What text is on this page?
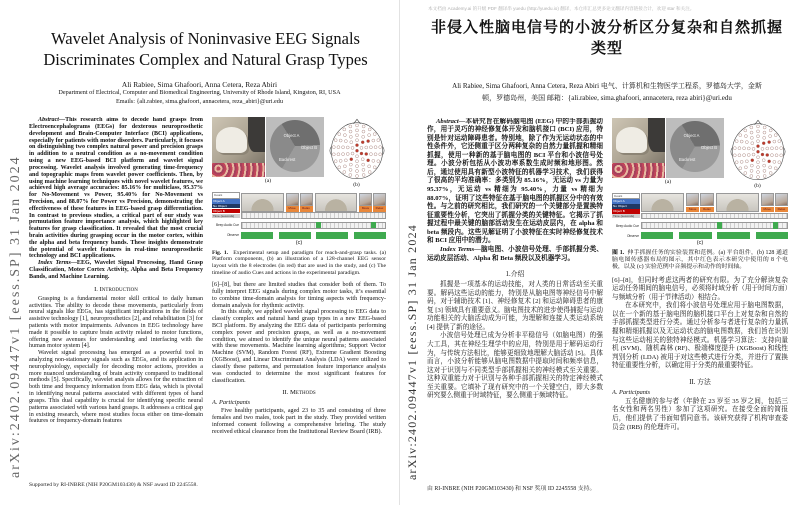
arXiv:2402.09447v1 [eess.SP] 31 Jan 2024
Wavelet Analysis of Noninvasive EEG Signals
Discriminates Complex and Natural Grasp Types
Ali Rabiee, Sima Ghafoori, Anna Cetera, Reza Abiri
Department of Electrical, Computer and Biomedical Engineering, University of Rhode Island, Kingston, RI, USA
Emails: {ali.rabiee, sima.ghafoori, annacetera, reza_abiri}@uri.edu

Abstract—This research aims to decode hand grasps from Electroencephalograms (EEGs) for dexterous neuroprosthetic development and Brain-Computer Interface (BCI) applications, especially for patients with motor disorders. Particularly, it focuses on distinguishing two complex natural power and precision grasps in addition to a neutral condition as a no-movement condition using a new EEG-based BCI platform and wavelet signal processing. Wavelet analysis involved generating time-frequency and topographic maps from wavelet power coefficients. Then, by using machine learning techniques with novel wavelet features, we achieved high average accuracies: 85.16% for multiclass, 95.37% for No-Movement vs Power, 95.40% for No-Movement vs Precision, and 88.07% for Power vs Precision, demonstrating the effectiveness of these features in EEG-based grasp differentiation. In contrast to previous studies, a critical part of our study was permutation feature importance analysis, which highlighted key features for grasp classification. It revealed that the most crucial brain activities during grasping occur in the motor cortex, within the alpha and beta frequency bands. These insights demonstrate the potential of wavelet features in real-time neuroprosthetic technology and BCI applications.

Index Terms—EEG, Wavelet Signal Processing, Hand Grasp Classification, Motor Cortex Activity, Alpha and Beta Frequency Bands, and Machine Learning.

I. Introduction

Grasping is a fundamental motor skill critical to daily human activities. The ability to decode these movements, particularly from neural signals like EEGs, has significant implications in the fields of assistive technology [1], neuroprosthetics [2], and rehabilitation [3] for patients with motor impairments. Advances in EEG technology have made it possible to capture brain activity related to motor functions, offering new avenues for understanding and interfacing with the human motor system [4].

Wavelet signal processing has emerged as a powerful tool in analyzing non-stationary signals such as EEGs, and its application in neurophysiology, especially for decoding motor actions, provides a more nuanced understanding of brain activity compared to traditional methods [5]. Specifically, wavelet analysis allows for the extraction of both time and frequency information from EEG data, which is pivotal in identifying neural patterns associated with different types of hand grasps. This dual capability is crucial for identifying specific neural patterns associated with various hand grasps. It addresses a critical gap in existing research, where most studies focus either on time-domain features or frequency-domain features

Object A
Object B
Backrest
(a)
(b)
Count
Object A
No Object
Object B
Time (seconds)
Move	Relax	Move	Relax
Beep Audio Cue
Observe
(c)

Fig. 1. Experimental setup and paradigm for reach-and-grasp tasks. (a) Platform components, (b) an illustration of a 128-channel EEG sensor layout with the 8 electrodes (in red) that are used in the study, and (c) The timeline of audio Cues and actions in the experimental paradigm.

[6]–[8], but there are limited studies that consider both of them. To fully interpret EEG signals during complex motor tasks, it’s essential to combine time-domain analysis for timing aspects with frequency-domain analysis for rhythmic activity.

In this study, we applied wavelet signal processing to EEG data to classify complex and natural hand grasp types in a new EEG-based BCI platform. By analyzing the EEG data of participants performing complex power and precision grasps, as well as a no-movement condition, we aimed to identify the unique neural patterns associated with these movements. Machine learning algorithms; Support Vector Machine (SVM), Random Forest (RF), Extreme Gradient Boosting (XGBoost), and Linear Discriminant Analysis (LDA) were utilized to classify these patterns, and permutation feature importance analysis was conducted to determine the most significant features for classification.

II. Methods
A. Participants

Five healthy participants, aged 23 to 35 and consisting of three females and two males, took part in the study. They provided written informed consent following a comprehensive briefing. The study received ethical clearance from the Institutional Review Board (IRB).

Supported by RI-INBRE (NIH P20GM103430) & NSF award ID 2245558.
本文档由 Academy.ai 的升级 PDF 翻译串 yuedu (http://yuedu.io) 翻译，本仓库汇总更多论文翻译内容链接合计，欢迎 star 和关注。
arXiv:2402.09447v1 [eess.SP] 31 Jan 2024
非侵入性脑电信号的小波分析区分复杂和自然抓握类型
Ali Rabiee, Sima Ghafoori, Anna Cetera, Reza Abiri 电气、计算机和生物医学工程系，罗德岛大学，金斯顿，罗德岛州，美国 邮箱：{ali.rabiee, sima.ghafoori, annacetera, reza abiri}@uri.edu

Abstract—本研究旨在解码脑电图 (EEG) 中的手部抓握动作，用于灵巧的神经修复体开发和脑机接口 (BCI) 应用，特别是针对运动障碍患者。特别地，除了作为无运动状态的中性条件外，它还侧重于区分两种复杂的自然力量抓握和精细抓握，使用一种新的基于脑电图的 BCI 平台和小波信号处理。小波分析包括从小波功率系数生成时频和地形图。然后，通过使用具有新型小波特征的机器学习技术，我们获得了很高的平均准确率：多类别为 85.16%，无运动 vs 力量为 95.37%，无运动 vs 精细为 95.40%，力量 vs 精细为 88.07%，证明了这些特征在基于脑电图的抓握区分中的有效性。与之前的研究相比，我们研究的一个关键部分是置换特征重要性分析，它突出了抓握分类的关键特征。它揭示了抓握过程中最关键的脑部活动发生在运动皮层内，在 alpha 和 beta 频段内。这些见解证明了小波特征在实时神经修复技术和 BCI 应用中的潜力。

Index Terms—脑电图、小波信号处理、手部抓握分类、运动皮层活动、Alpha 和 Beta 频段以及机器学习。

1.介绍

抓握是一项基本的运动技能，对人类的日常活动至关重要。解码这些运动的能力，特别是从脑电图等神经信号中解码，对于辅助技术 [1]、神经修复术 [2] 和运动障碍患者的康复 [3] 领域具有重要意义。脑电图技术的进步使得捕捉与运动功能相关的大脑活动成为可能，为理解和连接人类运动系统 [4] 提供了新的途径。

小波信号处理已成为分析非平稳信号（如脑电图）的强大工具，其在神经生理学中的应用，特别是用于解码运动行为，与传统方法相比，能够更细致地理解大脑活动 [5]。具体而言，小波分析能够从脑电图数据中提取时间和频率信息，这对于识别与不同类型手部抓握相关的神经模式至关重要。这种双重能力对于识别与各种手部抓握相关的特定神经模式至关重要。它填补了现有研究中的一个关键空白，即大多数研究要么侧重于时域特征，要么侧重于频域特征。

Object A
Object B
Backrest
(a)
(b)
Count
Object A
No Object
Object B
Time (seconds)
Move	Relax	Move	Relax
Beep Audio Cue
Observe
(c)

图 1. 伸手抓握任务的实验装置和范例。(a) 平台组件，(b) 128 通道脑电图传感器布局的图示，其中红色表示本研究中使用的 8 个电极，以及 (c) 实验范例中音频提示和动作的时间轴。

[6]–[8]，但同时考虑这两者的研究有限。为了充分解读复杂运动任务期间的脑电信号，必须将时域分析（用于时间方面）与频域分析（用于节律活动）相结合。

在本研究中，我们将小波信号处理应用于脑电图数据，以在一个新的基于脑电图的脑机接口平台上对复杂和自然的手部抓握类型进行分类。通过分析参与者进行复杂的力量抓握和精细抓握以及无运动状态的脑电图数据，我们旨在识别与这些运动相关的独特神经模式。机器学习算法：支持向量机 (SVM)、随机森林 (RF)、极端梯度提升 (XGBoost) 和线性判别分析 (LDA) 被用于对这些模式进行分类，并进行了置换特征重要性分析，以确定用于分类的最重要特征。

II. 方法
A. Participants

五名健康的参与者（年龄在 23 岁至 35 岁之间，包括三名女性和两名男性）参加了这项研究。在接受全面的简报后，他们提供了书面知情同意书。该研究获得了机构审查委员会 (IRB) 的伦理许可。

由 RI-INBRE (NIH P20GM103430) 和 NSF 奖项 ID 2245558 支持。
